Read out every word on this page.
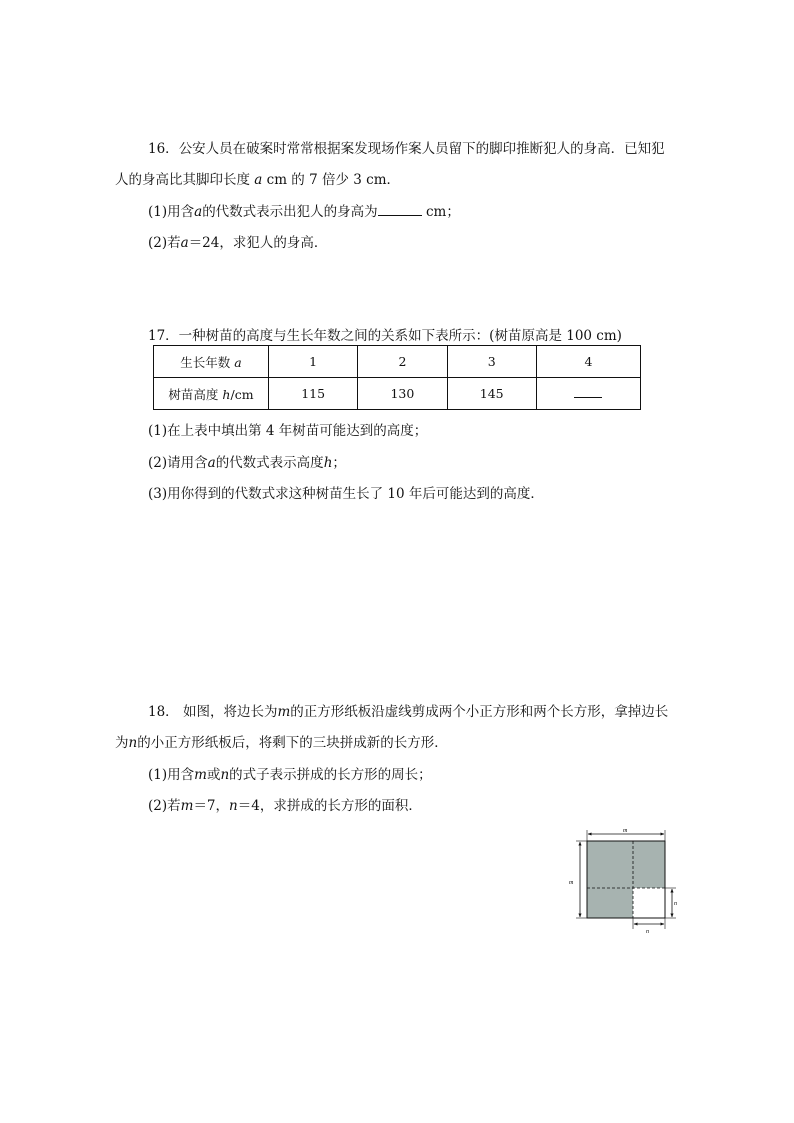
16．公安人员在破案时常常根据案发现场作案人员留下的脚印推断犯人的身高．已知犯
人的身高比其脚印长度 a cm 的 7 倍少 3 cm．
(1)用含a的代数式表示出犯人的身高为	cm；
(2)若a＝24，求犯人的身高．
17．一种树苗的高度与生长年数之间的关系如下表所示：(树苗原高是 100 cm)
生长年数 a	1	2	3	4
树苗高度 h/cm	115	130	145	
(1)在上表中填出第 4 年树苗可能达到的高度；
(2)请用含a的代数式表示高度h；
(3)用你得到的代数式求这种树苗生长了 10 年后可能达到的高度．
18． 如图，将边长为m的正方形纸板沿虚线剪成两个小正方形和两个长方形，拿掉边长
为n的小正方形纸板后，将剩下的三块拼成新的长方形．
(1)用含m或n的式子表示拼成的长方形的周长；
(2)若m＝7，n＝4，求拼成的长方形的面积．
m
m
n
n
